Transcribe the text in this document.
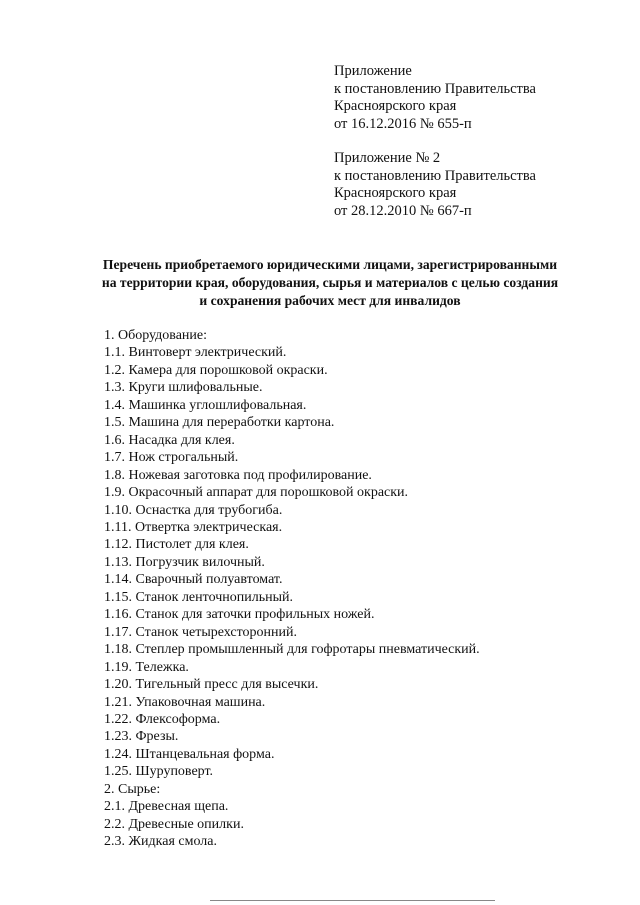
Приложение
к постановлению Правительства
Красноярского края
от 16.12.2016 № 655-п
Приложение № 2
к постановлению Правительства
Красноярского края
от 28.12.2010 № 667-п
Перечень приобретаемого юридическими лицами, зарегистрированными
на территории края, оборудования, сырья и материалов с целью создания
и сохранения рабочих мест для инвалидов
1. Оборудование:
1.1. Винтоверт электрический.
1.2. Камера для порошковой окраски.
1.3. Круги шлифовальные.
1.4. Машинка углошлифовальная.
1.5. Машина для переработки картона.
1.6. Насадка для клея.
1.7. Нож строгальный.
1.8. Ножевая заготовка под профилирование.
1.9. Окрасочный аппарат для порошковой окраски.
1.10. Оснастка для трубогиба.
1.11. Отвертка электрическая.
1.12. Пистолет для клея.
1.13. Погрузчик вилочный.
1.14. Сварочный полуавтомат.
1.15. Станок ленточнопильный.
1.16. Станок для заточки профильных ножей.
1.17. Станок четырехсторонний.
1.18. Степлер промышленный для гофротары пневматический.
1.19. Тележка.
1.20. Тигельный пресс для высечки.
1.21. Упаковочная машина.
1.22. Флексоформа.
1.23. Фрезы.
1.24. Штанцевальная форма.
1.25. Шуруповерт.
2. Сырье:
2.1. Древесная щепа.
2.2. Древесные опилки.
2.3. Жидкая смола.
